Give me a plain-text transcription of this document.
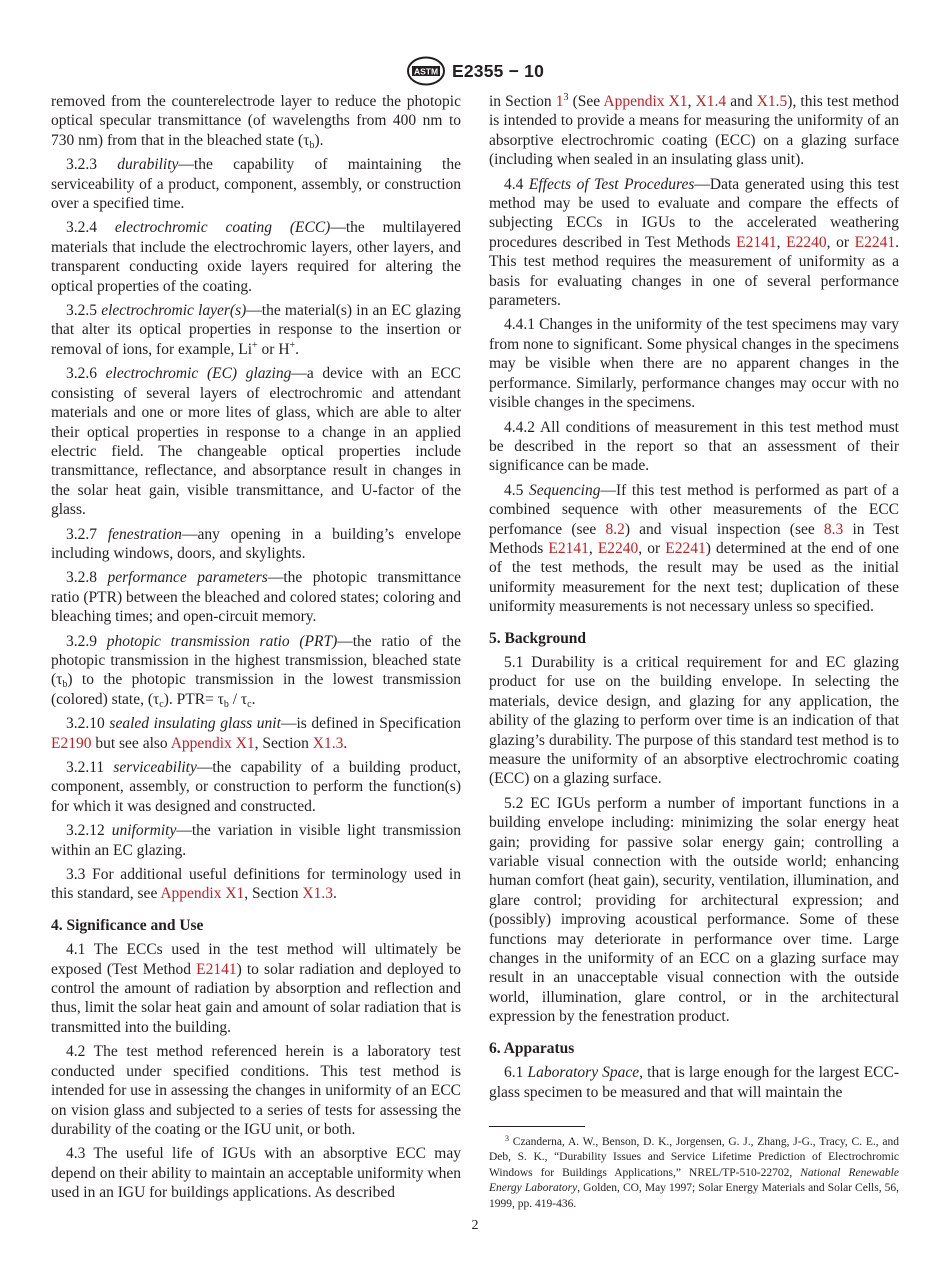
ASTM E2355 − 10

removed from the counterelectrode layer to reduce the photopic optical specular transmittance (of wavelengths from 400 nm to 730 nm) from that in the bleached state $(\tau_b)$.

3.2.3 durability—the capability of maintaining the serviceability of a product, component, assembly, or construction over a specified time.

3.2.4 electrochromic coating (ECC)—the multilayered materials that include the electrochromic layers, other layers, and transparent conducting oxide layers required for altering the optical properties of the coating.

3.2.5 electrochromic layer(s)—the material(s) in an EC glazing that alter its optical properties in response to the insertion or removal of ions, for example, Li+ or H+.

3.2.6 electrochromic (EC) glazing—a device with an ECC consisting of several layers of electrochromic and attendant materials and one or more lites of glass, which are able to alter their optical properties in response to a change in an applied electric field. The changeable optical properties include transmittance, reflectance, and absorptance result in changes in the solar heat gain, visible transmittance, and U-factor of the glass.

3.2.7 fenestration—any opening in a building’s envelope including windows, doors, and skylights.

3.2.8 performance parameters—the photopic transmittance ratio (PTR) between the bleached and colored states; coloring and bleaching times; and open-circuit memory.

3.2.9 photopic transmission ratio (PRT)—the ratio of the photopic transmission in the highest transmission, bleached state $(\tau_b)$ to the photopic transmission in the lowest transmission (colored) state, $(\tau_c)$. $PTR= \tau_b / \tau_c$.

3.2.10 sealed insulating glass unit—is defined in Specification E2190 but see also Appendix X1, Section X1.3.

3.2.11 serviceability—the capability of a building product, component, assembly, or construction to perform the function(s) for which it was designed and constructed.

3.2.12 uniformity—the variation in visible light transmission within an EC glazing.

3.3 For additional useful definitions for terminology used in this standard, see Appendix X1, Section X1.3.

4. Significance and Use

4.1 The ECCs used in the test method will ultimately be exposed (Test Method E2141) to solar radiation and deployed to control the amount of radiation by absorption and reflection and thus, limit the solar heat gain and amount of solar radiation that is transmitted into the building.

4.2 The test method referenced herein is a laboratory test conducted under specified conditions. This test method is intended for use in assessing the changes in uniformity of an ECC on vision glass and subjected to a series of tests for assessing the durability of the coating or the IGU unit, or both.

4.3 The useful life of IGUs with an absorptive ECC may depend on their ability to maintain an acceptable uniformity when used in an IGU for buildings applications. As described

in Section $1^3$ (See Appendix X1, X1.4 and X1.5), this test method is intended to provide a means for measuring the uniformity of an absorptive electrochromic coating (ECC) on a glazing surface (including when sealed in an insulating glass unit).

4.4 Effects of Test Procedures—Data generated using this test method may be used to evaluate and compare the effects of subjecting ECCs in IGUs to the accelerated weathering procedures described in Test Methods E2141, E2240, or E2241. This test method requires the measurement of uniformity as a basis for evaluating changes in one of several performance parameters.

4.4.1 Changes in the uniformity of the test specimens may vary from none to significant. Some physical changes in the specimens may be visible when there are no apparent changes in the performance. Similarly, performance changes may occur with no visible changes in the specimens.

4.4.2 All conditions of measurement in this test method must be described in the report so that an assessment of their significance can be made.

4.5 Sequencing—If this test method is performed as part of a combined sequence with other measurements of the ECC perfomance (see 8.2) and visual inspection (see 8.3 in Test Methods E2141, E2240, or E2241) determined at the end of one of the test methods, the result may be used as the initial uniformity measurement for the next test; duplication of these uniformity measurements is not necessary unless so specified.

5. Background

5.1 Durability is a critical requirement for and EC glazing product for use on the building envelope. In selecting the materials, device design, and glazing for any application, the ability of the glazing to perform over time is an indication of that glazing’s durability. The purpose of this standard test method is to measure the uniformity of an absorptive electrochromic coating (ECC) on a glazing surface.

5.2 EC IGUs perform a number of important functions in a building envelope including: minimizing the solar energy heat gain; providing for passive solar energy gain; controlling a variable visual connection with the outside world; enhancing human comfort (heat gain), security, ventilation, illumination, and glare control; providing for architectural expression; and (possibly) improving acoustical performance. Some of these functions may deteriorate in performance over time. Large changes in the uniformity of an ECC on a glazing surface may result in an unacceptable visual connection with the outside world, illumination, glare control, or in the architectural expression by the fenestration product.

6. Apparatus

6.1 Laboratory Space, that is large enough for the largest ECC-glass specimen to be measured and that will maintain the

$^3$ Czanderna, A. W., Benson, D. K., Jorgensen, G. J., Zhang, J-G., Tracy, C. E., and Deb, S. K., “Durability Issues and Service Lifetime Prediction of Electrochromic Windows for Buildings Applications,” NREL/TP-510-22702, National Renewable Energy Laboratory, Golden, CO, May 1997; Solar Energy Materials and Solar Cells, 56, 1999, pp. 419-436.

2
